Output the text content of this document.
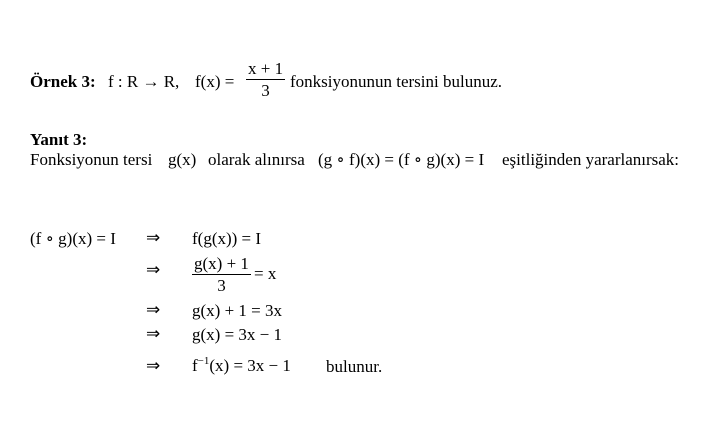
Örnek 3: f : R → R, f(x) =
x + 1
3 fonksiyonunun tersini bulunuz.
Yanıt 3:
Fonksiyonun tersi g(x) olarak alınırsa (g ∘ f)(x) = (f ∘ g)(x) = I eşitliğinden yararlanırsak:
(f ∘ g)(x) = I ⇒ f(g(x)) = I
⇒ g(x) + 1
3
= x
⇒ g(x) + 1 = 3x
⇒ g(x) = 3x − 1
⇒ $f^{-1}(x) = 3x - 1$ bulunur.
